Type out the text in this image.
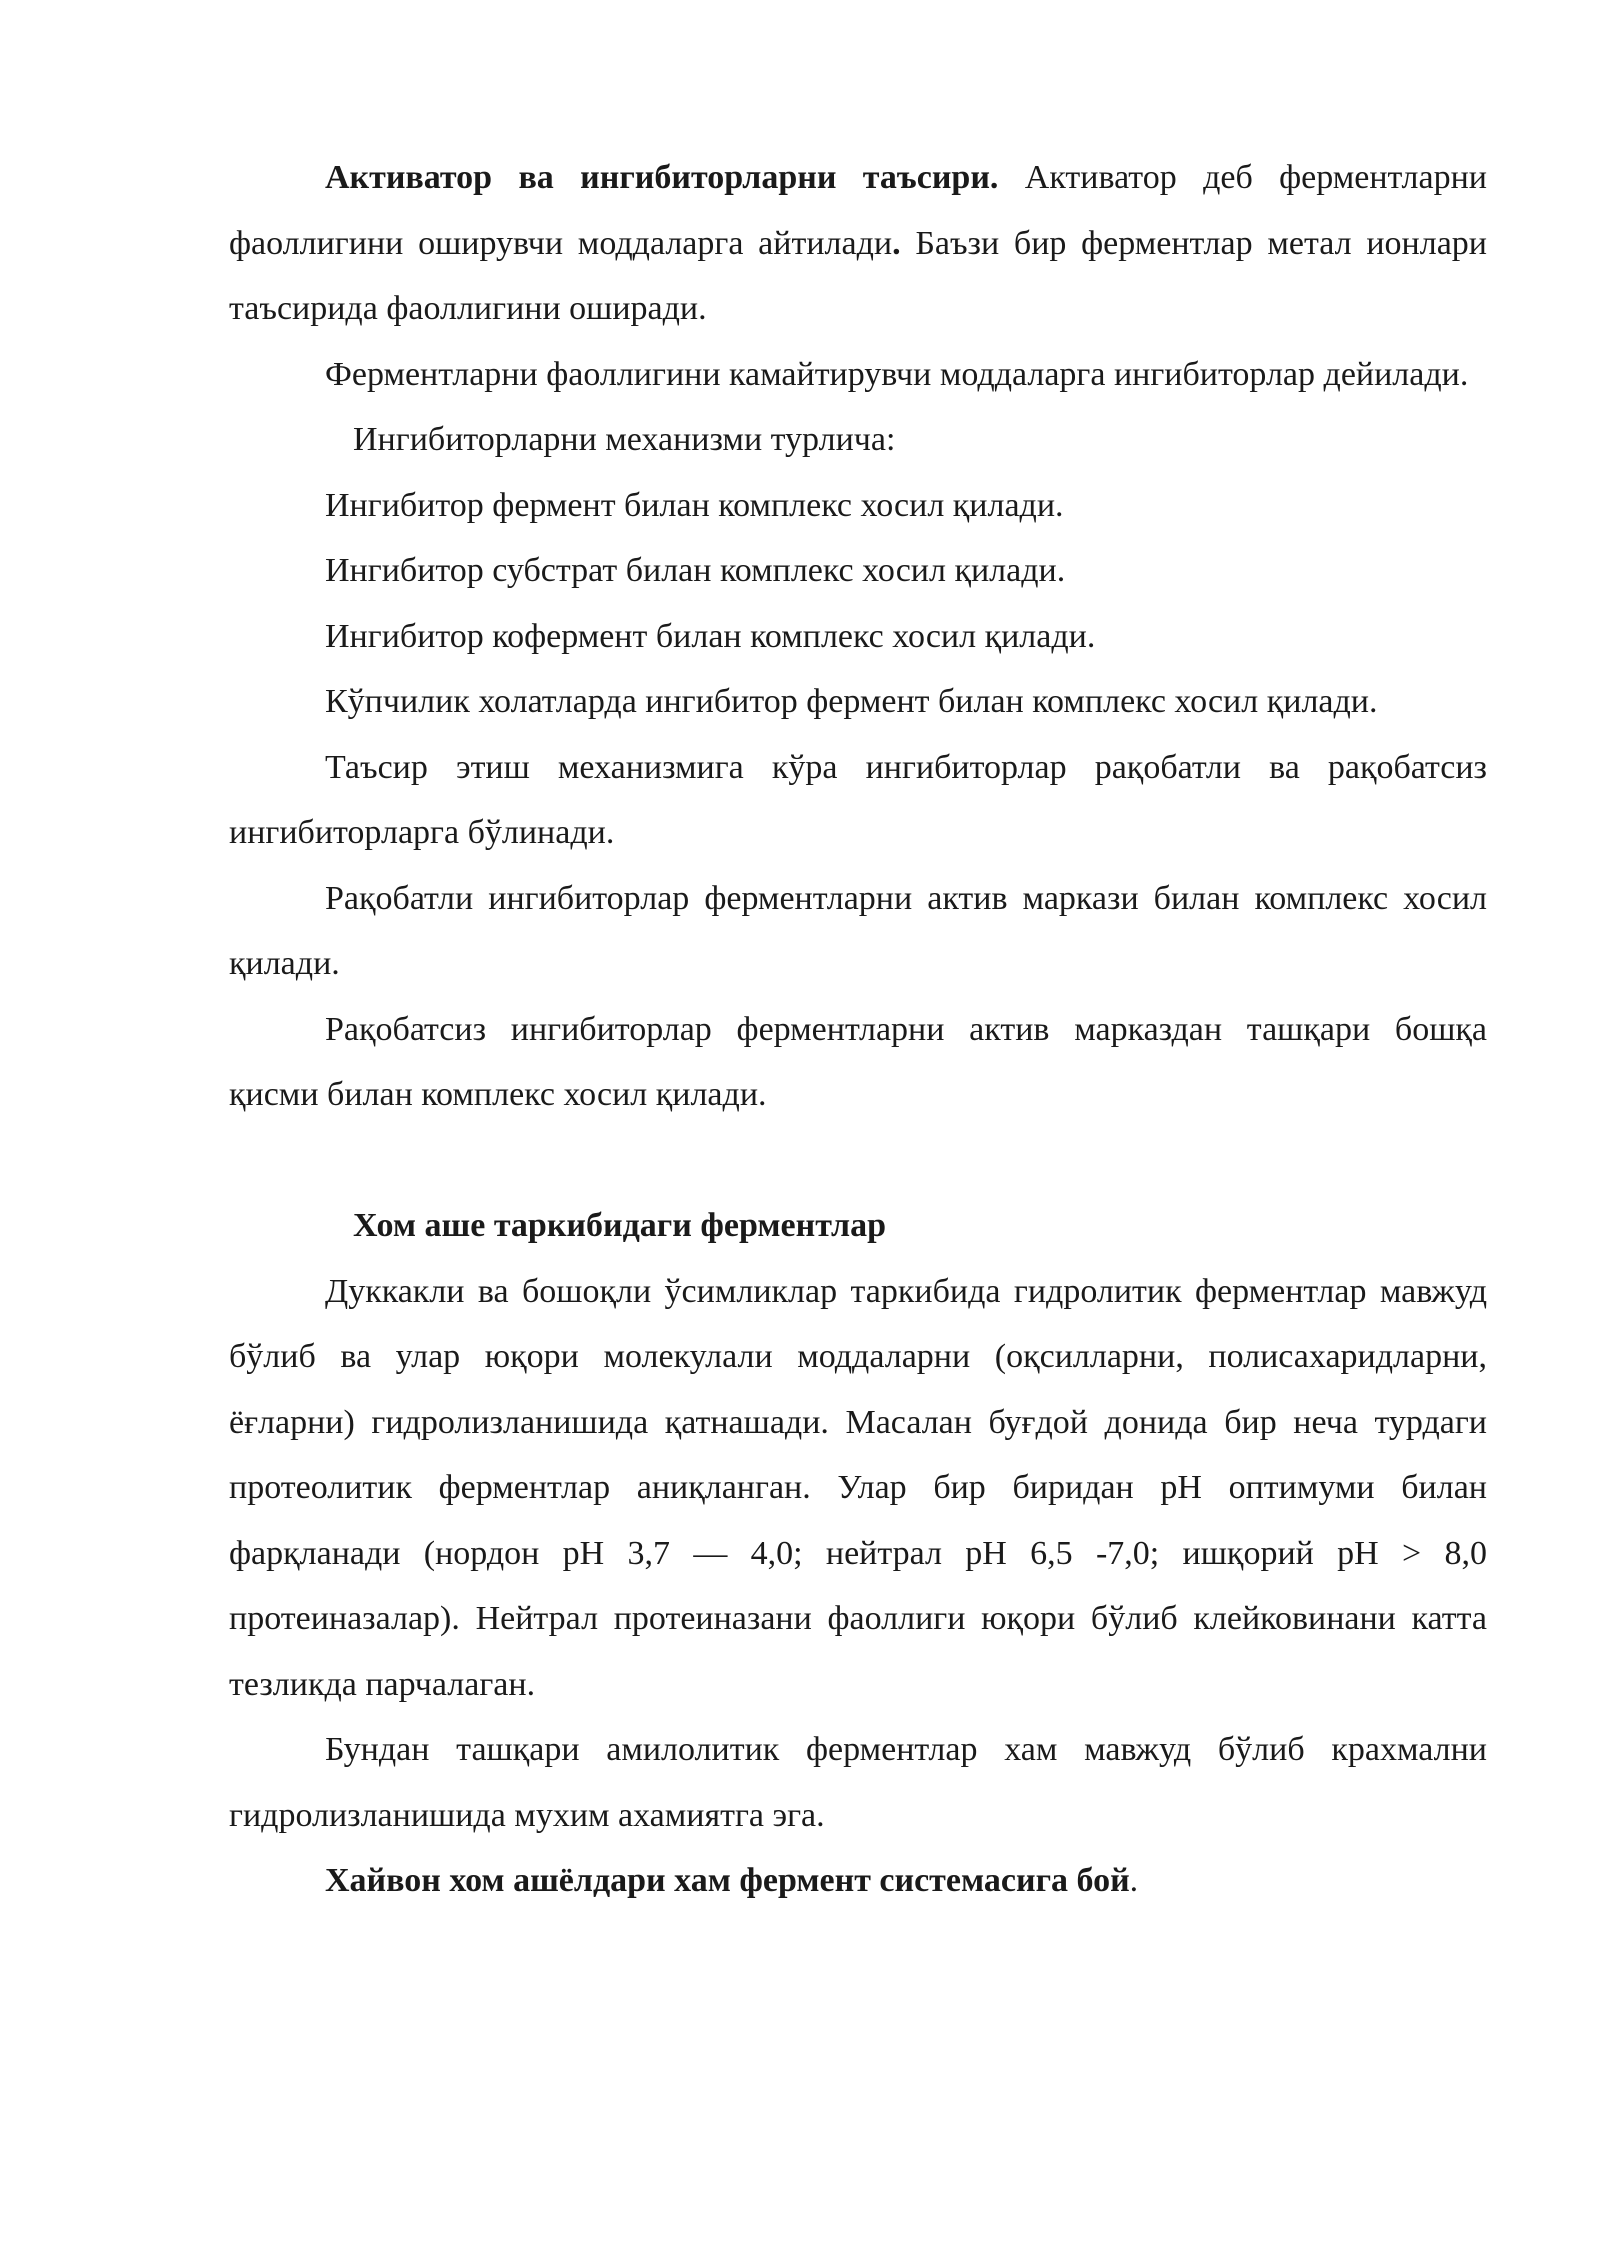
Активатор ва ингибиторларни таъсири. Активатор деб ферментларни фаоллигини оширувчи моддаларга айтилади. Баъзи бир ферментлар метал ионлари таъсирида фаоллигини оширади.

Ферментларни фаоллигини камайтирувчи моддаларга ингибиторлар дейилади.

Ингибиторларни механизми турлича:

Ингибитор фермент билан комплекс хосил қилади.

Ингибитор субстрат билан комплекс хосил қилади.

Ингибитор кофермент билан комплекс хосил қилади.

Кўпчилик холатларда ингибитор фермент билан комплекс хосил қилади.

Таъсир этиш механизмига кўра ингибиторлар рақобатли ва рақобатсиз ингибиторларга бўлинади.

Рақобатли ингибиторлар ферментларни актив маркази билан комплекс хосил қилади.

Рақобатсиз ингибиторлар ферментларни актив марказдан ташқари бошқа қисми билан комплекс хосил қилади.

Хом аше таркибидаги ферментлар

Дуккакли ва бошоқли ўсимликлар таркибида гидролитик ферментлар мавжуд бўлиб ва улар юқори молекулали моддаларни (оқсилларни, полисахаридларни, ёғларни) гидролизланишида қатнашади. Масалан буғдой донида бир неча турдаги протеолитик ферментлар аниқланган. Улар бир биридан рН оптимуми билан фарқланади (нордон рН 3,7 — 4,0; нейтрал рН 6,5 -7,0; ишқорий рН > 8,0 протеиназалар). Нейтрал протеиназани фаоллиги юқори бўлиб клейковинани катта тезликда парчалаган.

Бундан ташқари амилолитик ферментлар хам мавжуд бўлиб крахмални гидролизланишида мухим ахамиятга эга.

Хайвон хом ашёлдари хам фермент системасига бой.
